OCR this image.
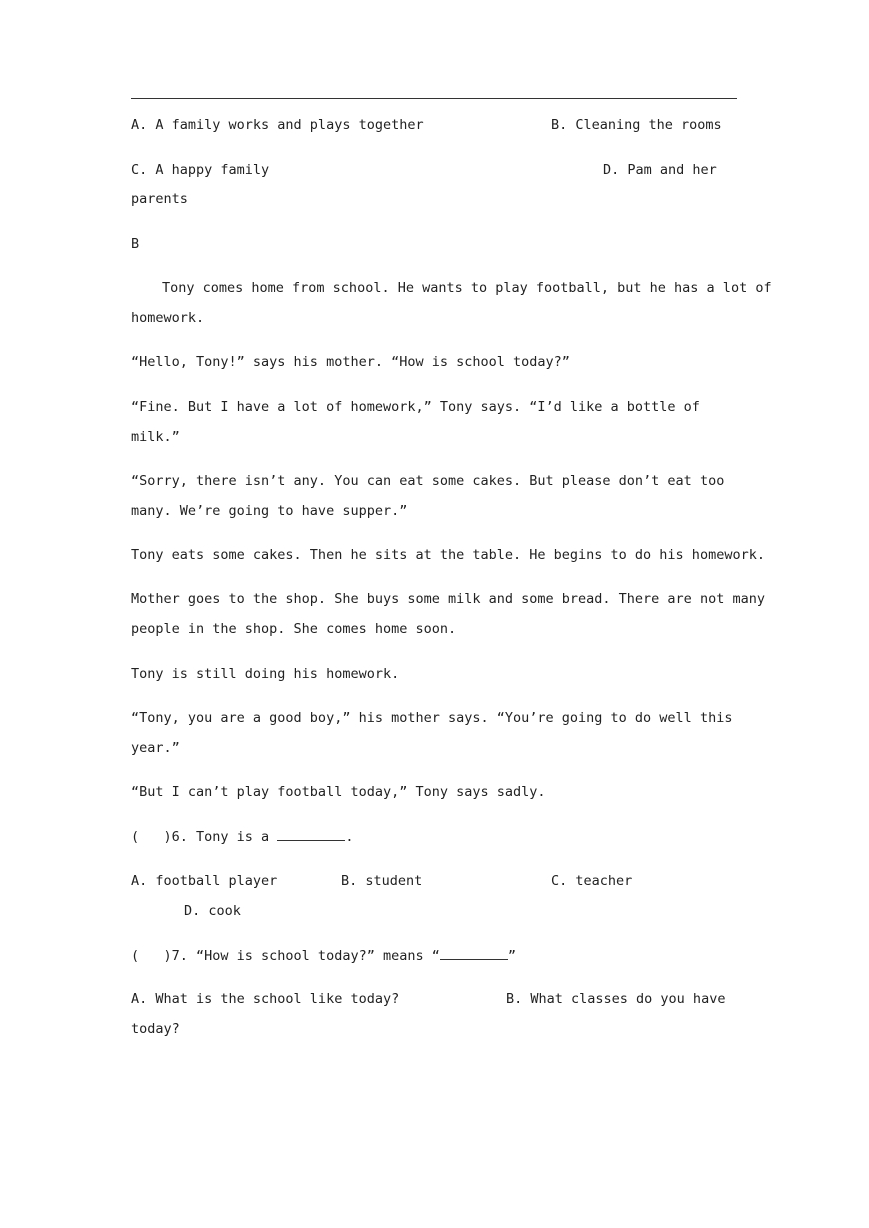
A. A family works and plays together	B. Cleaning the rooms
C. A happy family	D. Pam and her
parents
B
Tony comes home from school. He wants to play football, but he has a lot of
homework.
“Hello, Tony!” says his mother. “How is school today?”
“Fine. But I have a lot of homework,” Tony says. “I’d like a bottle of
milk.”
“Sorry, there isn’t any. You can eat some cakes. But please don’t eat too
many. We’re going to have supper.”
Tony eats some cakes. Then he sits at the table. He begins to do his homework.
Mother goes to the shop. She buys some milk and some bread. There are not many
people in the shop. She comes home soon.
Tony is still doing his homework.
“Tony, you are a good boy,” his mother says. “You’re going to do well this
year.”
“But I can’t play football today,” Tony says sadly.
(   )6. Tony is a	.
A. football player	B. student	C. teacher
D. cook
(   )7. “How is school today?” means “	”
A. What is the school like today?	B. What classes do you have
today?
